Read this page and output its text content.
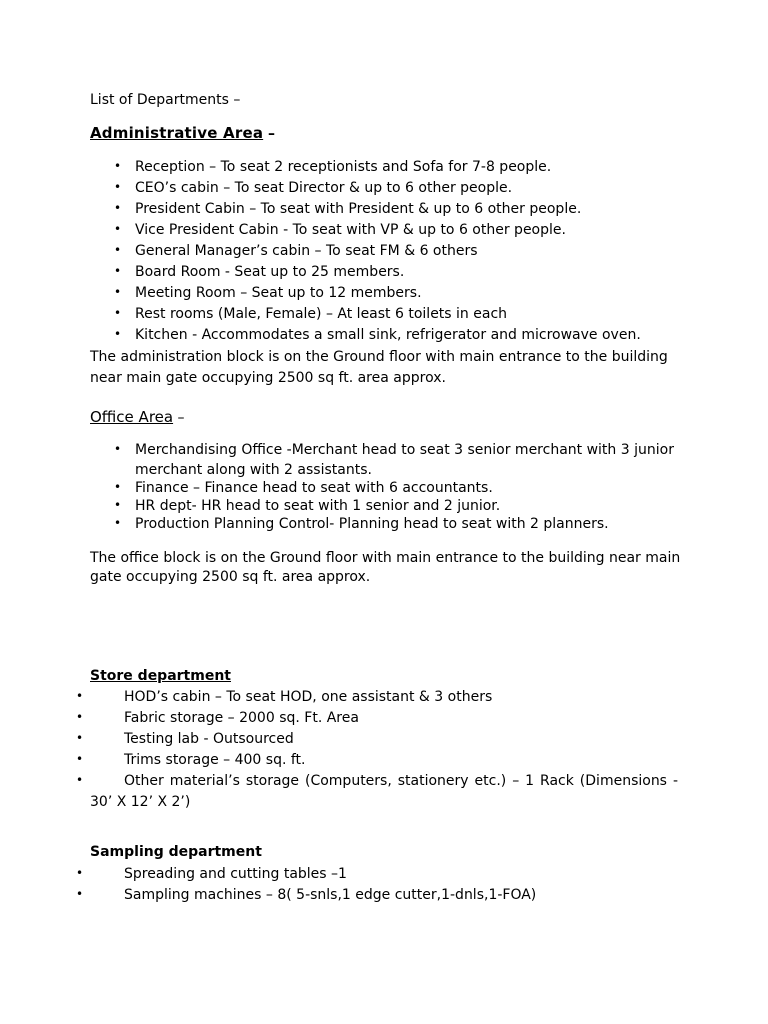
List of Departments –
Administrative Area –
• Reception – To seat 2 receptionists and Sofa for 7-8 people.
• CEO’s cabin – To seat Director & up to 6 other people.
• President Cabin – To seat with President & up to 6 other people.
• Vice President Cabin - To seat with VP & up to 6 other people.
• General Manager’s cabin – To seat FM & 6 others
• Board Room - Seat up to 25 members.
• Meeting Room – Seat up to 12 members.
• Rest rooms (Male, Female) – At least 6 toilets in each
• Kitchen - Accommodates a small sink, refrigerator and microwave oven.
The administration block is on the Ground floor with main entrance to the building
near main gate occupying 2500 sq ft. area approx.
Office Area –
• Merchandising Office -Merchant head to seat 3 senior merchant with 3 junior
merchant along with 2 assistants.
• Finance – Finance head to seat with 6 accountants.
• HR dept- HR head to seat with 1 senior and 2 junior.
• Production Planning Control- Planning head to seat with 2 planners.
The office block is on the Ground floor with main entrance to the building near main
gate occupying 2500 sq ft. area approx.
Store department
•	HOD’s cabin – To seat HOD, one assistant & 3 others
•	Fabric storage – 2000 sq. Ft. Area
•	Testing lab - Outsourced
•	Trims storage – 400 sq. ft.
•	Other material’s storage (Computers, stationery etc.) – 1 Rack (Dimensions -
30’ X 12’ X 2’)
Sampling department
•	Spreading and cutting tables –1
•	Sampling machines – 8( 5-snls,1 edge cutter,1-dnls,1-FOA)
